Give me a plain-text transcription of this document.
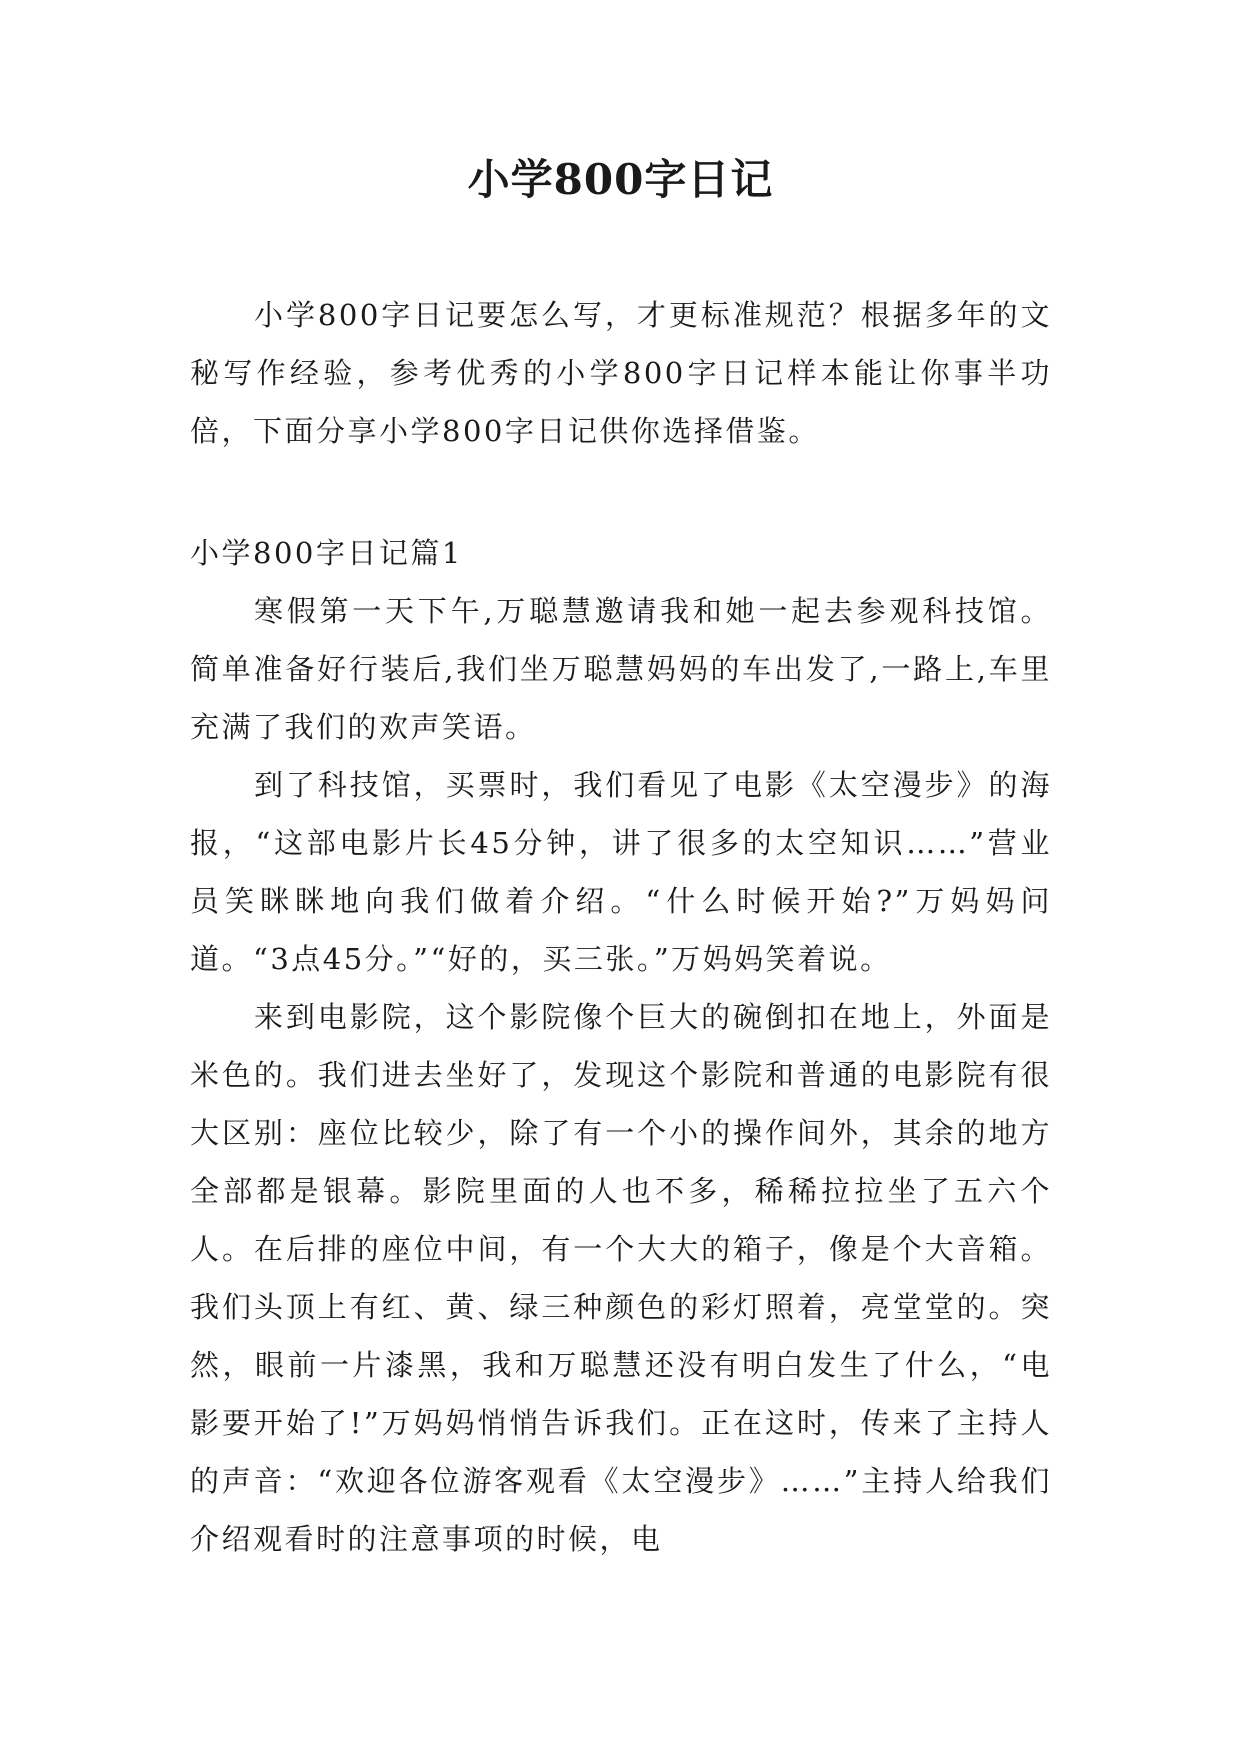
小学800字日记

小学800字日记要怎么写，才更标准规范？根据多年的文秘写作经验，参考优秀的小学800字日记样本能让你事半功倍，下面分享小学800字日记供你选择借鉴。

小学800字日记篇1

寒假第一天下午,万聪慧邀请我和她一起去参观科技馆。简单准备好行装后,我们坐万聪慧妈妈的车出发了,一路上,车里充满了我们的欢声笑语。

到了科技馆，买票时，我们看见了电影《太空漫步》的海报，“这部电影片长45分钟，讲了很多的太空知识……”营业员笑眯眯地向我们做着介绍。“什么时候开始?”万妈妈问道。“3点45分。”“好的，买三张。”万妈妈笑着说。

来到电影院，这个影院像个巨大的碗倒扣在地上，外面是米色的。我们进去坐好了，发现这个影院和普通的电影院有很大区别：座位比较少，除了有一个小的操作间外，其余的地方全部都是银幕。影院里面的人也不多，稀稀拉拉坐了五六个人。在后排的座位中间，有一个大大的箱子，像是个大音箱。我们头顶上有红、黄、绿三种颜色的彩灯照着，亮堂堂的。突然，眼前一片漆黑，我和万聪慧还没有明白发生了什么，“电影要开始了!”万妈妈悄悄告诉我们。正在这时，传来了主持人的声音：“欢迎各位游客观看《太空漫步》……”主持人给我们介绍观看时的注意事项的时候，电
